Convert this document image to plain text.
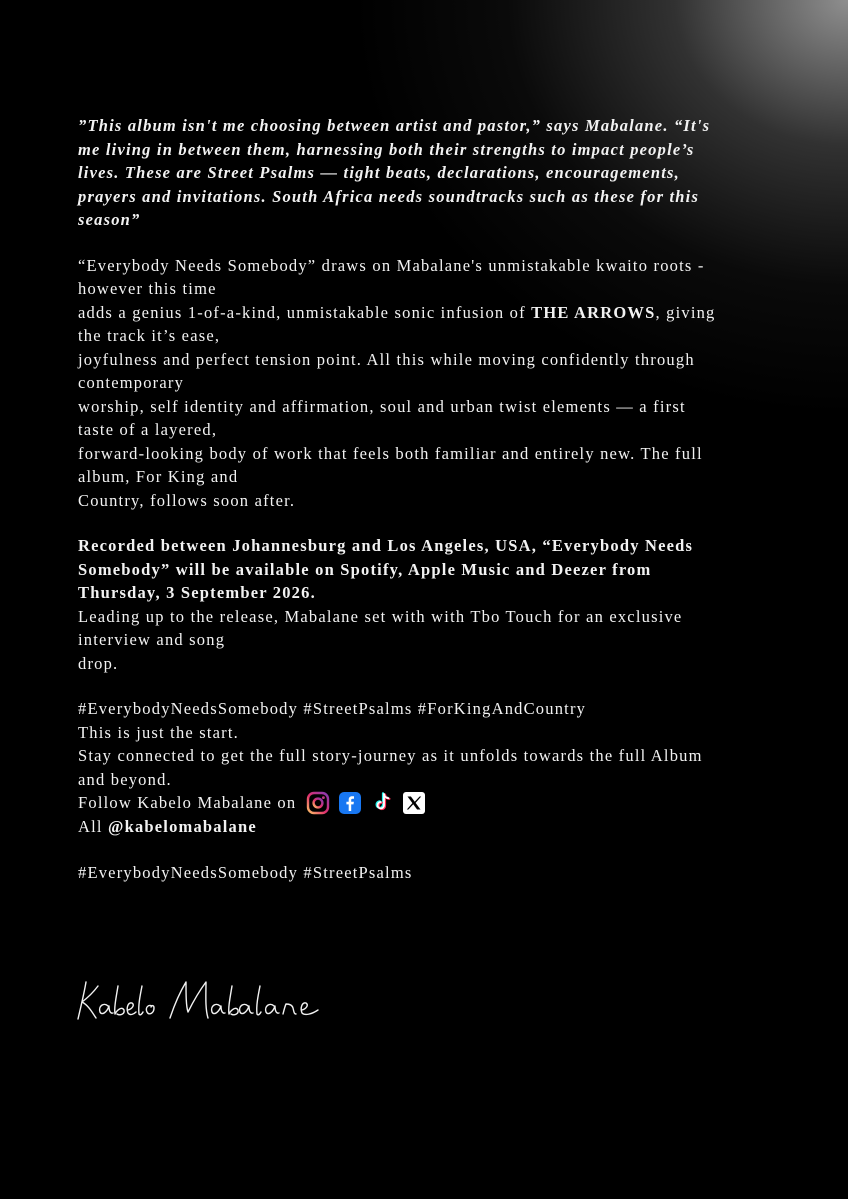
”This album isn't me choosing between artist and pastor,” says Mabalane. “It's
me living in between them, harnessing both their strengths to impact people’s
lives. These are Street Psalms — tight beats, declarations, encouragements,
prayers and invitations. South Africa needs soundtracks such as these for this
season”
“Everybody Needs Somebody” draws on Mabalane's unmistakable kwaito roots -
however this time
adds a genius 1-of-a-kind, unmistakable sonic infusion of THE ARROWS, giving
the track it’s ease,
joyfulness and perfect tension point. All this while moving confidently through
contemporary
worship, self identity and affirmation, soul and urban twist elements — a first
taste of a layered,
forward-looking body of work that feels both familiar and entirely new. The full
album, For King and
Country, follows soon after.
Recorded between Johannesburg and Los Angeles, USA, “Everybody Needs
Somebody” will be available on Spotify, Apple Music and Deezer from
Thursday, 3 September 2026.
Leading up to the release, Mabalane set with with Tbo Touch for an exclusive
interview and song
drop.
#EverybodyNeedsSomebody #StreetPsalms #ForKingAndCountry
This is just the start.
Stay connected to get the full story-journey as it unfolds towards the full Album
and beyond.
Follow Kabelo Mabalane on
All @kabelomabalane
#EverybodyNeedsSomebody #StreetPsalms
